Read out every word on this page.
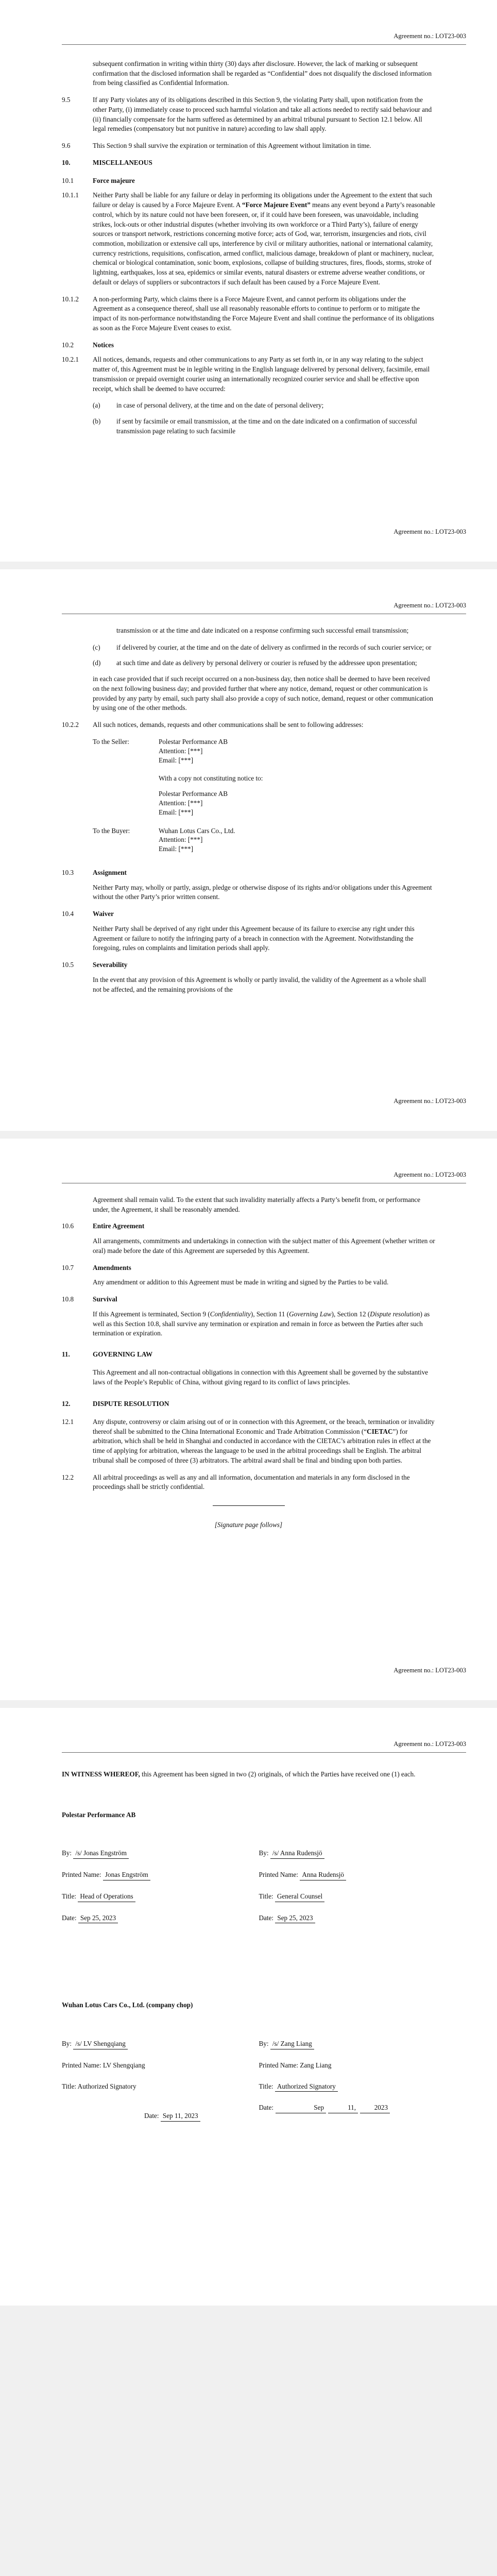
Agreement no.: LOT23-003

subsequent confirmation in writing within thirty (30) days after disclosure. However, the lack of marking or subsequent confirmation that the disclosed information shall be regarded as “Confidential” does not disqualify the disclosed information from being classified as Confidential Information.

9.5	If any Party violates any of its obligations described in this Section 9, the violating Party shall, upon notification from the other Party, (i) immediately cease to proceed such harmful violation and take all actions needed to rectify said behaviour and (ii) financially compensate for the harm suffered as determined by an arbitral tribunal pursuant to Section 12.1 below. All legal remedies (compensatory but not punitive in nature) according to law shall apply.
9.6	This Section 9 shall survive the expiration or termination of this Agreement without limitation in time.
10.	MISCELLANEOUS
10.1	Force majeure
10.1.1	Neither Party shall be liable for any failure or delay in performing its obligations under the Agreement to the extent that such failure or delay is caused by a Force Majeure Event. A “Force Majeure Event” means any event beyond a Party’s reasonable control, which by its nature could not have been foreseen, or, if it could have been foreseen, was unavoidable, including strikes, lock-outs or other industrial disputes (whether involving its own workforce or a Third Party’s), failure of energy sources or transport network, restrictions concerning motive force; acts of God, war, terrorism, insurgencies and riots, civil commotion, mobilization or extensive call ups, interference by civil or military authorities, national or international calamity, currency restrictions, requisitions, confiscation, armed conflict, malicious damage, breakdown of plant or machinery, nuclear, chemical or biological contamination, sonic boom, explosions, collapse of building structures, fires, floods, storms, stroke of lightning, earthquakes, loss at sea, epidemics or similar events, natural disasters or extreme adverse weather conditions, or default or delays of suppliers or subcontractors if such default has been caused by a Force Majeure Event.
10.1.2	A non-performing Party, which claims there is a Force Majeure Event, and cannot perform its obligations under the Agreement as a consequence thereof, shall use all reasonably reasonable efforts to continue to perform or to mitigate the impact of its non-performance notwithstanding the Force Majeure Event and shall continue the performance of its obligations as soon as the Force Majeure Event ceases to exist.
10.2	Notices
10.2.1	All notices, demands, requests and other communications to any Party as set forth in, or in any way relating to the subject matter of, this Agreement must be in legible writing in the English language delivered by personal delivery, facsimile, email transmission or prepaid overnight courier using an internationally recognized courier service and shall be effective upon receipt, which shall be deemed to have occurred:
(a)	in case of personal delivery, at the time and on the date of personal delivery;
(b)	if sent by facsimile or email transmission, at the time and on the date indicated on a confirmation of successful transmission page relating to such facsimile
Agreement no.: LOT23-003
Agreement no.: LOT23-003

transmission or at the time and date indicated on a response confirming such successful email transmission;

(c)	if delivered by courier, at the time and on the date of delivery as confirmed in the records of such courier service; or
(d)	at such time and date as delivery by personal delivery or courier is refused by the addressee upon presentation;

in each case provided that if such receipt occurred on a non-business day, then notice shall be deemed to have been received on the next following business day; and provided further that where any notice, demand, request or other communication is provided by any party by email, such party shall also provide a copy of such notice, demand, request or other communication by using one of the other methods.

10.2.2	All such notices, demands, requests and other communications shall be sent to following addresses:
To the Seller:	Polestar Performance AB
Attention: [***]
Email: [***]
With a copy not constituting notice to:
Polestar Performance AB
Attention: [***]
Email: [***]
To the Buyer:	Wuhan Lotus Cars Co., Ltd.
Attention: [***]
Email: [***]
10.3	Assignment

Neither Party may, wholly or partly, assign, pledge or otherwise dispose of its rights and/or obligations under this Agreement without the other Party’s prior written consent.

10.4	Waiver

Neither Party shall be deprived of any right under this Agreement because of its failure to exercise any right under this Agreement or failure to notify the infringing party of a breach in connection with the Agreement. Notwithstanding the foregoing, rules on complaints and limitation periods shall apply.

10.5	Severability

In the event that any provision of this Agreement is wholly or partly invalid, the validity of the Agreement as a whole shall not be affected, and the remaining provisions of the

Agreement no.: LOT23-003
Agreement no.: LOT23-003

Agreement shall remain valid. To the extent that such invalidity materially affects a Party’s benefit from, or performance under, the Agreement, it shall be reasonably amended.

10.6	Entire Agreement

All arrangements, commitments and undertakings in connection with the subject matter of this Agreement (whether written or oral) made before the date of this Agreement are superseded by this Agreement.

10.7	Amendments

Any amendment or addition to this Agreement must be made in writing and signed by the Parties to be valid.

10.8	Survival

If this Agreement is terminated, Section 9 (Confidentiality), Section 11 (Governing Law), Section 12 (Dispute resolution) as well as this Section 10.8, shall survive any termination or expiration and remain in force as between the Parties after such termination or expiration.

11.	GOVERNING LAW

This Agreement and all non-contractual obligations in connection with this Agreement shall be governed by the substantive laws of the People’s Republic of China, without giving regard to its conflict of laws principles.

12.	DISPUTE RESOLUTION
12.1	Any dispute, controversy or claim arising out of or in connection with this Agreement, or the breach, termination or invalidity thereof shall be submitted to the China International Economic and Trade Arbitration Commission (“CIETAC”) for arbitration, which shall be held in Shanghai and conducted in accordance with the CIETAC’s arbitration rules in effect at the time of applying for arbitration, whereas the language to be used in the arbitral proceedings shall be English. The arbitral tribunal shall be composed of three (3) arbitrators. The arbitral award shall be final and binding upon both parties.
12.2	All arbitral proceedings as well as any and all information, documentation and materials in any form disclosed in the proceedings shall be strictly confidential.
[Signature page follows]
Agreement no.: LOT23-003
Agreement no.: LOT23-003

IN WITNESS WHEREOF, this Agreement has been signed in two (2) originals, of which the Parties have received one (1) each.

Polestar Performance AB
By: /s/ Jonas Engström	By: /s/ Anna Rudensjö
Printed Name: Jonas Engström	Printed Name: Anna Rudensjö
Title: Head of Operations	Title: General Counsel
Date: Sep 25, 2023	Date: Sep 25, 2023
Wuhan Lotus Cars Co., Ltd. (company chop)
By: /s/ LV Shengqiang	By: /s/ Zang Liang
Printed Name: LV Shengqiang	Printed Name: Zang Liang
Title: Authorized Signatory	Title: Authorized Signatory
Date:	Sep	11,	2023
Date: Sep 11, 2023
